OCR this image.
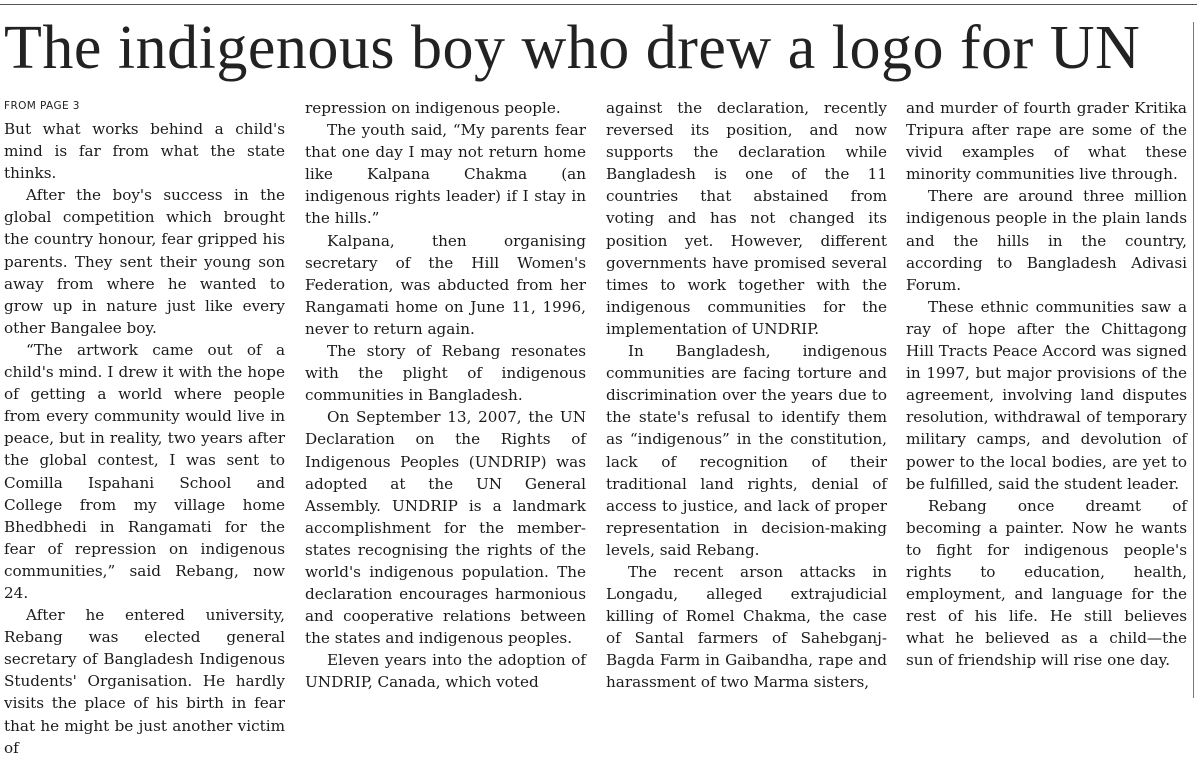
The indigenous boy who drew a logo for UN
FROM PAGE 3

But what works behind a child's mind is far from what the state thinks.

After the boy's success in the global competition which brought the country honour, fear gripped his parents. They sent their young son away from where he wanted to grow up in nature just like every other Bangalee boy.

“The artwork came out of a child's mind. I drew it with the hope of getting a world where people from every community would live in peace, but in reality, two years after the global contest, I was sent to Comilla Ispahani School and College from my village home Bhedbhedi in Rangamati for the fear of repression on indigenous communities,” said Rebang, now 24.

After he entered university, Rebang was elected general secretary of Bangladesh Indigenous Students' Organisation. He hardly visits the place of his birth in fear that he might be just another victim of

repression on indigenous people.

The youth said, “My parents fear that one day I may not return home like Kalpana Chakma (an indigenous rights leader) if I stay in the hills.”

Kalpana, then organising secretary of the Hill Women's Federation, was abducted from her Rangamati home on June 11, 1996, never to return again.

The story of Rebang resonates with the plight of indigenous communities in Bangladesh.

On September 13, 2007, the UN Declaration on the Rights of Indigenous Peoples (UNDRIP) was adopted at the UN General Assembly. UNDRIP is a landmark accomplishment for the member-states recognising the rights of the world's indigenous population. The declaration encourages harmonious and cooperative relations between the states and indigenous peoples.

Eleven years into the adoption of UNDRIP, Canada, which voted

against the declaration, recently reversed its position, and now supports the declaration while Bangladesh is one of the 11 countries that abstained from voting and has not changed its position yet. However, different governments have promised several times to work together with the indigenous communities for the implementation of UNDRIP.

In Bangladesh, indigenous communities are facing torture and discrimination over the years due to the state's refusal to identify them as “indigenous” in the constitution, lack of recognition of their traditional land rights, denial of access to justice, and lack of proper representation in decision-making levels, said Rebang.

The recent arson attacks in Longadu, alleged extrajudicial killing of Romel Chakma, the case of Santal farmers of Sahebganj-Bagda Farm in Gaibandha, rape and harassment of two Marma sisters,

and murder of fourth grader Kritika Tripura after rape are some of the vivid examples of what these minority communities live through.

There are around three million indigenous people in the plain lands and the hills in the country, according to Bangladesh Adivasi Forum.

These ethnic communities saw a ray of hope after the Chittagong Hill Tracts Peace Accord was signed in 1997, but major provisions of the agreement, involving land disputes resolution, withdrawal of temporary military camps, and devolution of power to the local bodies, are yet to be fulfilled, said the student leader.

Rebang once dreamt of becoming a painter. Now he wants to fight for indigenous people's rights to education, health, employment, and language for the rest of his life. He still believes what he believed as a child—the sun of friendship will rise one day.
